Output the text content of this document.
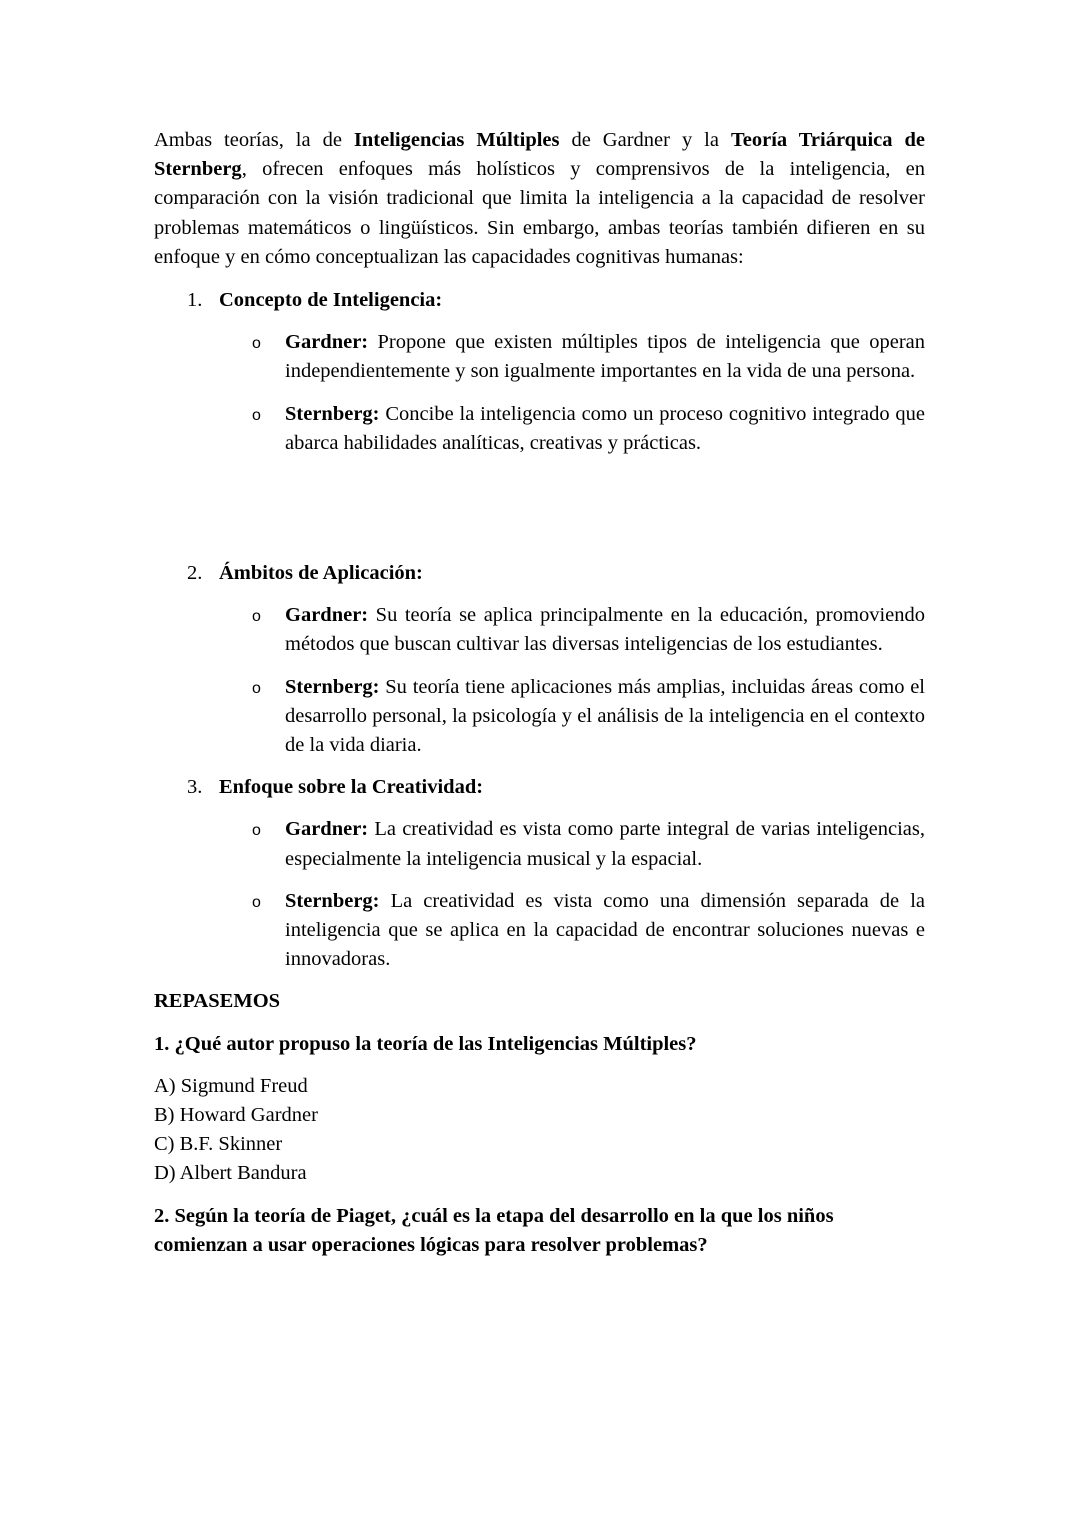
Ambas teorías, la de Inteligencias Múltiples de Gardner y la Teoría Triárquica de Sternberg, ofrecen enfoques más holísticos y comprensivos de la inteligencia, en comparación con la visión tradicional que limita la inteligencia a la capacidad de resolver problemas matemáticos o lingüísticos. Sin embargo, ambas teorías también difieren en su enfoque y en cómo conceptualizan las capacidades cognitivas humanas:

1. Concepto de Inteligencia:
o Gardner: Propone que existen múltiples tipos de inteligencia que operan independientemente y son igualmente importantes en la vida de una persona.
o Sternberg: Concibe la inteligencia como un proceso cognitivo integrado que abarca habilidades analíticas, creativas y prácticas.
2. Ámbitos de Aplicación:
o Gardner: Su teoría se aplica principalmente en la educación, promoviendo métodos que buscan cultivar las diversas inteligencias de los estudiantes.
o Sternberg: Su teoría tiene aplicaciones más amplias, incluidas áreas como el desarrollo personal, la psicología y el análisis de la inteligencia en el contexto de la vida diaria.
3. Enfoque sobre la Creatividad:
o Gardner: La creatividad es vista como parte integral de varias inteligencias, especialmente la inteligencia musical y la espacial.
o Sternberg: La creatividad es vista como una dimensión separada de la inteligencia que se aplica en la capacidad de encontrar soluciones nuevas e innovadoras.

REPASEMOS

1. ¿Qué autor propuso la teoría de las Inteligencias Múltiples?

A) Sigmund Freud
B) Howard Gardner
C) B.F. Skinner
D) Albert Bandura

2. Según la teoría de Piaget, ¿cuál es la etapa del desarrollo en la que los niños comienzan a usar operaciones lógicas para resolver problemas?
